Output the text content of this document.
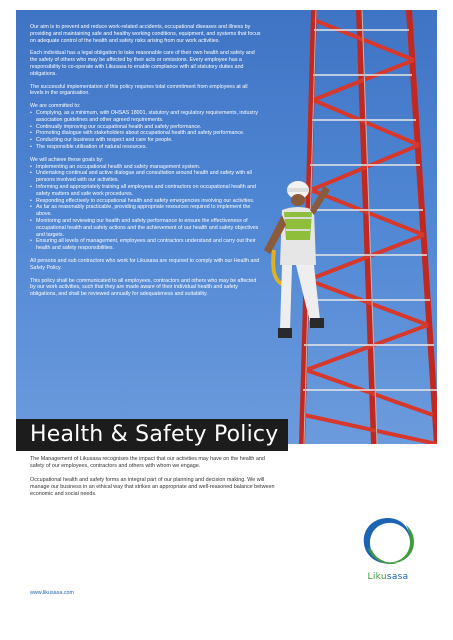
Our aim is to prevent and reduce work-related accidents, occupational diseases and illness by providing and maintaining safe and healthy working conditions, equipment, and systems that focus on adequate control of the health and safety risks arising from our work activities.

Each individual has a legal obligation to take reasonable care of their own health and safety and the safety of others who may be affected by their acts or omissions. Every employee has a responsibility to co-operate with Likusasa to enable compliance with all statutory duties and obligations.

The successful implementation of this policy requires total commitment from employees at all levels in the organisation.

We are committed to:

• Complying, as a minimum, with OHSAS 18001, statutory and regulatory requirements, industry association guidelines and other agreed requirements.
• Continually improving our occupational health and safety performance.
• Promoting dialogue with stakeholders about occupational health and safety performance.
• Conducting our business with respect and care for people.
• The responsible utilisation of natural resources.

We will achieve these goals by:

• Implementing an occupational health and safety management system.
• Undertaking continual and active dialogue and consultation around health and safety with all persons involved with our activities.
• Informing and appropriately training all employees and contractors on occupational health and safety matters and safe work procedures.
• Responding effectively to occupational health and safety emergencies involving our activities.
• As far as reasonably practicable, providing appropriate resources required to implement the above.
• Monitoring and reviewing our health and safety performance to ensure the effectiveness of occupational health and safety actions and the achievement of our health and safety objectives and targets.
• Ensuring all levels of management, employees and contractors understand and carry out their health and safety responsibilities.

All persons and sub contractors who work for Likusasa are required to comply with our Health and Safety Policy.

This policy shall be communicated to all employees, contractors and others who may be affected by our work activities, such that they are made aware of their individual health and safety obligations, and shall be reviewed annually for adequateness and suitability.

Health & Safety Policy

The Management of Likusasa recognises the impact that our activities may have on the health and safety of our employees, contractors and others with whom we engage.

Occupational health and safety forms an integral part of our planning and decision making. We will manage our business in an ethical way that strikes an appropriate and well-reasoned balance between economic and social needs.

Likusasa
www.likusasa.com
